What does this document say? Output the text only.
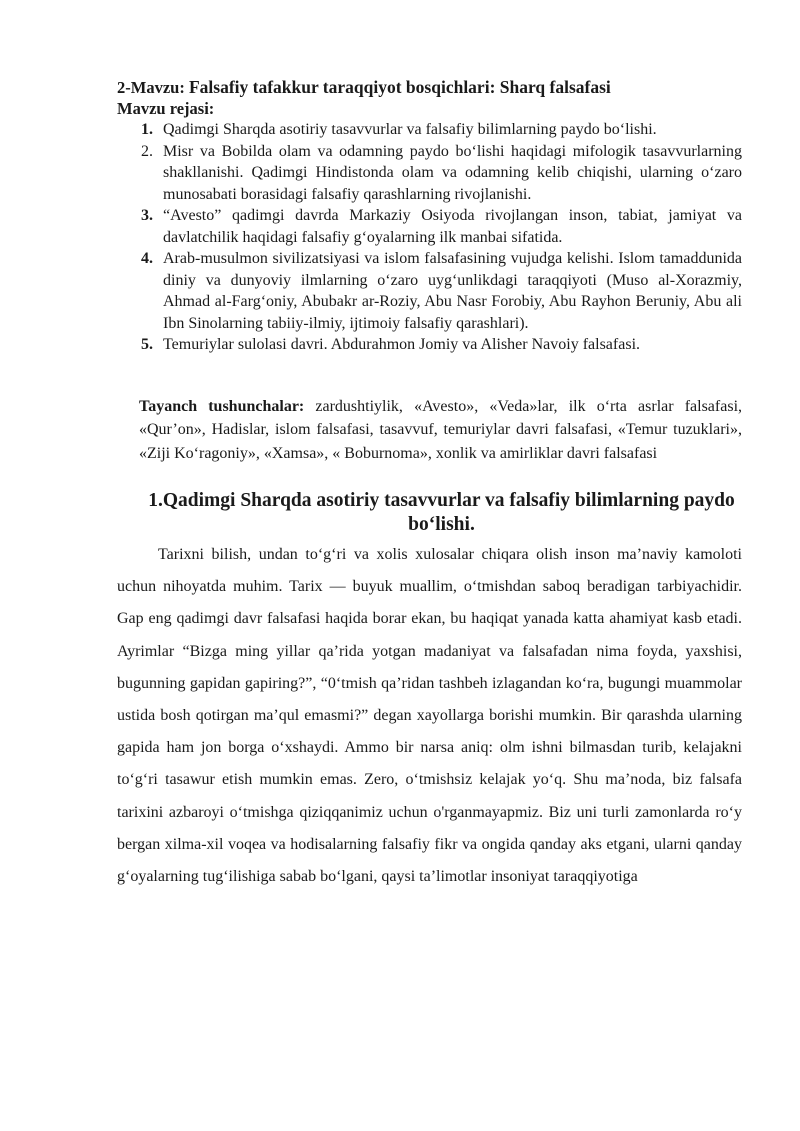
2-Mavzu: Falsafiy tafakkur taraqqiyot bosqichlari: Sharq falsafasi

Mavzu rejasi:

1. Qadimgi Sharqda asotiriy tasavvurlar va falsafiy bilimlarning paydo bo‘lishi.
2. Misr va Bobilda olam va odamning paydo bo‘lishi haqidagi mifologik tasavvurlarning shakllanishi. Qadimgi Hindistonda olam va odamning kelib chiqishi, ularning o‘zaro munosabati borasidagi falsafiy qarashlarning rivojlanishi.
3. “Avesto” qadimgi davrda Markaziy Osiyoda rivojlangan inson, tabiat, jamiyat va davlatchilik haqidagi falsafiy g‘oyalarning ilk manbai sifatida.
4. Arab-musulmon sivilizatsiyasi va islom falsafasining vujudga kelishi. Islom tamaddunida diniy va dunyoviy ilmlarning o‘zaro uyg‘unlikdagi taraqqiyoti (Muso al-Xorazmiy, Ahmad al-Farg‘oniy, Abubakr ar-Roziy, Abu Nasr Forobiy, Abu Rayhon Beruniy, Abu ali Ibn Sinolarning tabiiy-ilmiy, ijtimoiy falsafiy qarashlari).
5. Temuriylar sulolasi davri. Abdurahmon Jomiy va Alisher Navoiy falsafasi.

Tayanch tushunchalar: zardushtiylik, «Avesto», «Veda»lar, ilk o‘rta asrlar falsafasi, «Qur’on», Hadislar, islom falsafasi, tasavvuf, temuriylar davri falsafasi, «Temur tuzuklari», «Ziji Ko‘ragoniy», «Xamsa», « Boburnoma», xonlik va amirliklar davri falsafasi

1.Qadimgi Sharqda asotiriy tasavvurlar va falsafiy bilimlarning paydo bo‘lishi.

Tarixni bilish, undan to‘g‘ri va xolis xulosalar chiqara olish inson ma’naviy kamoloti uchun nihoyatda muhim. Tarix — buyuk muallim, o‘tmishdan saboq beradigan tarbiyachidir. Gap eng qadimgi davr falsafasi haqida borar ekan, bu haqiqat yanada katta ahamiyat kasb etadi. Ayrimlar “Bizga ming yillar qa’rida yotgan madaniyat va falsafadan nima foyda, yaxshisi, bugunning gapidan gapiring?”, “0‘tmish qa’ridan tashbeh izlagandan ko‘ra, bugungi muammolar ustida bosh qotirgan ma’qul emasmi?” degan xayollarga borishi mumkin. Bir qarashda ularning gapida ham jon borga o‘xshaydi. Ammo bir narsa aniq: olm ishni bilmasdan turib, kelajakni to‘g‘ri tasawur etish mumkin emas. Zero, o‘tmishsiz kelajak yo‘q. Shu ma’noda, biz falsafa tarixini azbaroyi o‘tmishga qiziqqanimiz uchun o'rganmayapmiz. Biz uni turli zamonlarda ro‘y bergan xilma-xil voqea va hodisalarning falsafiy fikr va ongida qanday aks etgani, ularni qanday g‘oyalarning tug‘ilishiga sabab bo‘lgani, qaysi ta’limotlar insoniyat taraqqiyotiga
